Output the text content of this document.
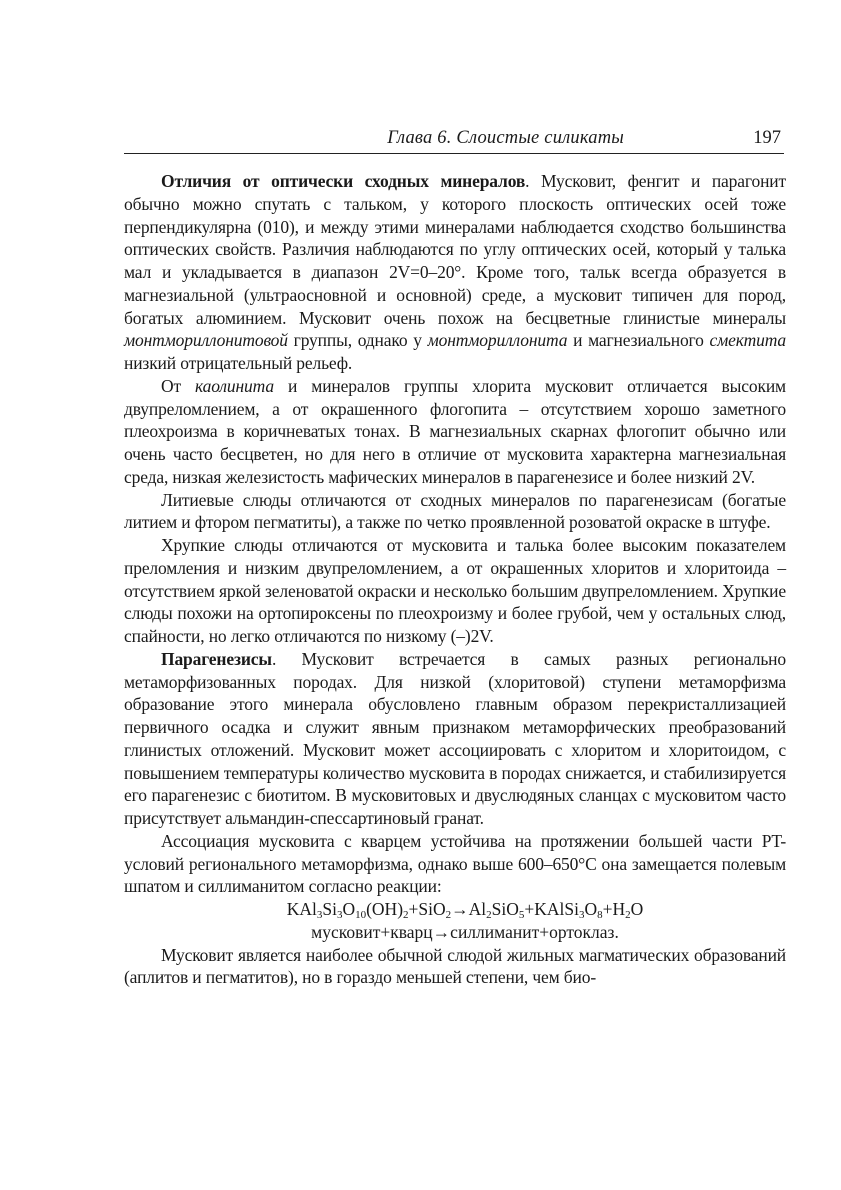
Глава 6. Слоистые силикаты	197

Отличия от оптически сходных минералов. Мусковит, фенгит и парагонит обычно можно спутать с тальком, у которого плоскость оптических осей тоже перпендикулярна (010), и между этими минералами наблюдается сходство большинства оптических свойств. Различия наблюдаются по углу оптических осей, который у талька мал и укладывается в диапазон 2V=0–20°. Кроме того, тальк всегда образуется в магнезиальной (ультраосновной и основной) среде, а мусковит типичен для пород, богатых алюминием. Мусковит очень похож на бесцветные глинистые минералы монтмориллонитовой группы, однако у монтмориллонита и магнезиального смектита низкий отрицательный рельеф.

От каолинита и минералов группы хлорита мусковит отличается высоким двупреломлением, а от окрашенного флогопита – отсутствием хорошо заметного плеохроизма в коричневатых тонах. В магнезиальных скарнах флогопит обычно или очень часто бесцветен, но для него в отличие от мусковита характерна магнезиальная среда, низкая железистость мафических минералов в парагенезисе и более низкий 2V.

Литиевые слюды отличаются от сходных минералов по парагенезисам (богатые литием и фтором пегматиты), а также по четко проявленной розоватой окраске в штуфе.

Хрупкие слюды отличаются от мусковита и талька более высоким показателем преломления и низким двупреломлением, а от окрашенных хлоритов и хлоритоида – отсутствием яркой зеленоватой окраски и несколько большим двупреломлением. Хрупкие слюды похожи на ортопироксены по плеохроизму и более грубой, чем у остальных слюд, спайности, но легко отличаются по низкому (–)2V.

Парагенезисы. Мусковит встречается в самых разных регионально метаморфизованных породах. Для низкой (хлоритовой) ступени метаморфизма образование этого минерала обусловлено главным образом перекристаллизацией первичного осадка и служит явным признаком метаморфических преобразований глинистых отложений. Мусковит может ассоциировать с хлоритом и хлоритоидом, с повышением температуры количество мусковита в породах снижается, и стабилизируется его парагенезис с биотитом. В мусковитовых и двуслюдяных сланцах с мусковитом часто присутствует альмандин-спессартиновый гранат.

Ассоциация мусковита с кварцем устойчива на протяжении большей части PT-условий регионального метаморфизма, однако выше 600–650°С она замещается полевым шпатом и силлиманитом согласно реакции:

$KAl_3Si_3O_{10}(OH)_2+SiO_2\to Al_2SiO_5+KAlSi_3O_8+H_2O$

мусковит+кварц→силлиманит+ортоклаз.

Мусковит является наиболее обычной слюдой жильных магматических образований (аплитов и пегматитов), но в гораздо меньшей степени, чем био-
